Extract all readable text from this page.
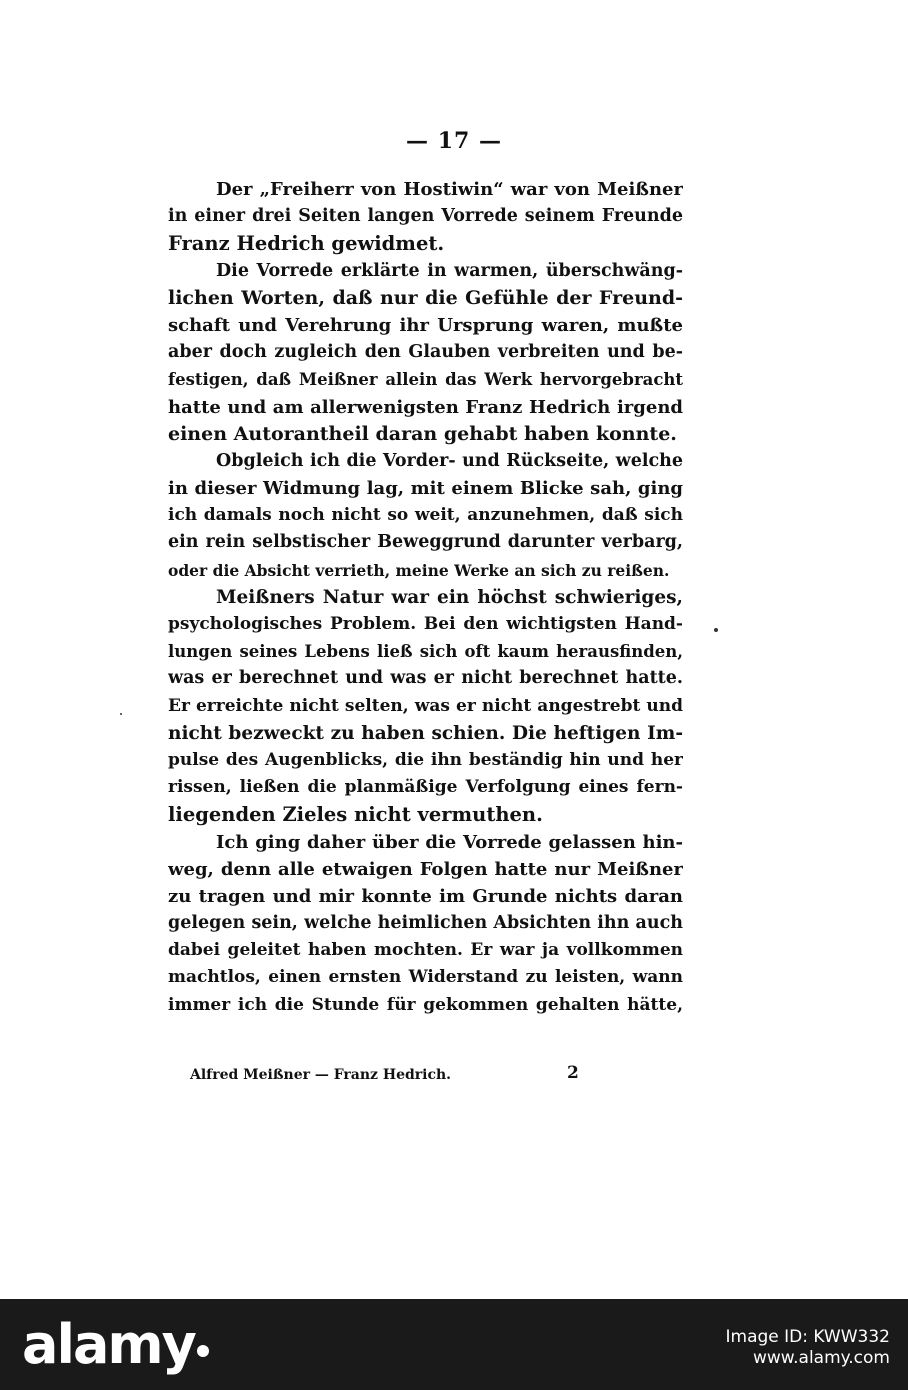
— 17 —
Der „Freiherr von Hostiwin“ war von Meißner
in einer drei Seiten langen Vorrede seinem Freunde
Franz Hedrich gewidmet.
Die Vorrede erklärte in warmen, überschwäng-
lichen Worten, daß nur die Gefühle der Freund-
schaft und Verehrung ihr Ursprung waren, mußte
aber doch zugleich den Glauben verbreiten und be-
festigen, daß Meißner allein das Werk hervorgebracht
hatte und am allerwenigsten Franz Hedrich irgend
einen Autorantheil daran gehabt haben konnte.
Obgleich ich die Vorder- und Rückseite, welche
in dieser Widmung lag, mit einem Blicke sah, ging
ich damals noch nicht so weit, anzunehmen, daß sich
ein rein selbstischer Beweggrund darunter verbarg,
oder die Absicht verrieth, meine Werke an sich zu reißen.
Meißners Natur war ein höchst schwieriges,
psychologisches Problem. Bei den wichtigsten Hand-
lungen seines Lebens ließ sich oft kaum herausfinden,
was er berechnet und was er nicht berechnet hatte.
Er erreichte nicht selten, was er nicht angestrebt und
nicht bezweckt zu haben schien. Die heftigen Im-
pulse des Augenblicks, die ihn beständig hin und her
rissen, ließen die planmäßige Verfolgung eines fern-
liegenden Zieles nicht vermuthen.
Ich ging daher über die Vorrede gelassen hin-
weg, denn alle etwaigen Folgen hatte nur Meißner
zu tragen und mir konnte im Grunde nichts daran
gelegen sein, welche heimlichen Absichten ihn auch
dabei geleitet haben mochten. Er war ja vollkommen
machtlos, einen ernsten Widerstand zu leisten, wann
immer ich die Stunde für gekommen gehalten hätte,
Alfred Meißner — Franz Hedrich.	2
alamy	Image ID: KWW332
www.alamy.com
